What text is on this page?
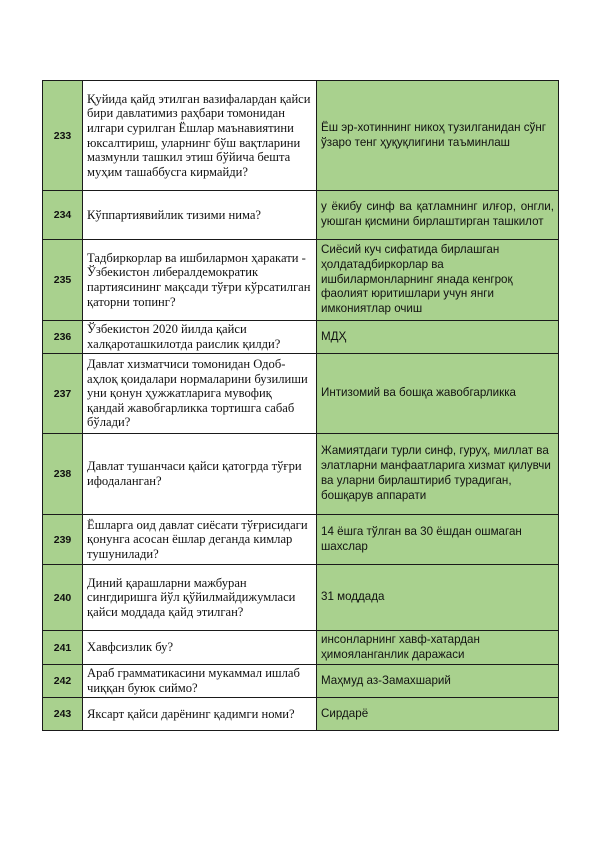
233	Қуйида қайд этилган вазифалардан қайси бири давлатимиз раҳбари томонидан илгари сурилган Ёшлар маънавиятини юксалтириш, уларнинг бўш вақтларини мазмунли ташкил этиш бўйича бешта муҳим ташаббусга кирмайди?	Ёш эр-хотиннинг никоҳ тузилганидан сўнг ўзаро тенг ҳуқуқлигини таъминлаш
234	Кўппартиявийлик тизими нима?	у ёкибу синф ва қатламнинг илғор, онгли, уюшган қисмини бирлаштирган ташкилот
235	Тадбиркорлар ва ишбилармон ҳаракати - Ўзбекистон либералдемократик партиясининг мақсади тўғри кўрсатилган қаторни топинг?	Сиёсий куч сифатида бирлашган ҳолдатадбиркорлар ва ишбилармонларнинг янада кенгроқ фаолият юритишлари учун янги имкониятлар очиш
236	Ўзбекистон 2020 йилда қайси халқароташкилотда раислик қилди?	МДҲ
237	Давлат хизматчиси томонидан Одоб-аҳлоқ қоидалари нормаларини бузилиши уни қонун ҳужжатларига мувофиқ қандай жавобгарликка тортишга сабаб бўлади?	Интизомий ва бошқа жавобгарликка
238	Давлат тушанчаси қайси қатогрда тўғри ифодаланган?	Жамиятдаги турли синф, гуруҳ, миллат ва элатларни манфаатларига хизмат қилувчи ва уларни бирлаштириб турадиган, бошқарув аппарати
239	Ёшларга оид давлат сиёсати тўғрисидаги қонунга асосан ёшлар деганда кимлар тушунилади?	14 ёшга тўлган ва 30 ёшдан ошмаган шахслар
240	Диний қарашларни мажбуран сингдиришга йўл қўйилмайдижумласи қайси моддада қайд этилган?	31 моддада
241	Хавфсизлик бу?	инсонларнинг хавф-хатардан ҳимояланганлик даражаси
242	Араб грамматикасини мукаммал ишлаб чиққан буюк сиймо?	Маҳмуд аз-Замахшарий
243	Яксарт қайси дарёнинг қадимги номи?	Сирдарё
